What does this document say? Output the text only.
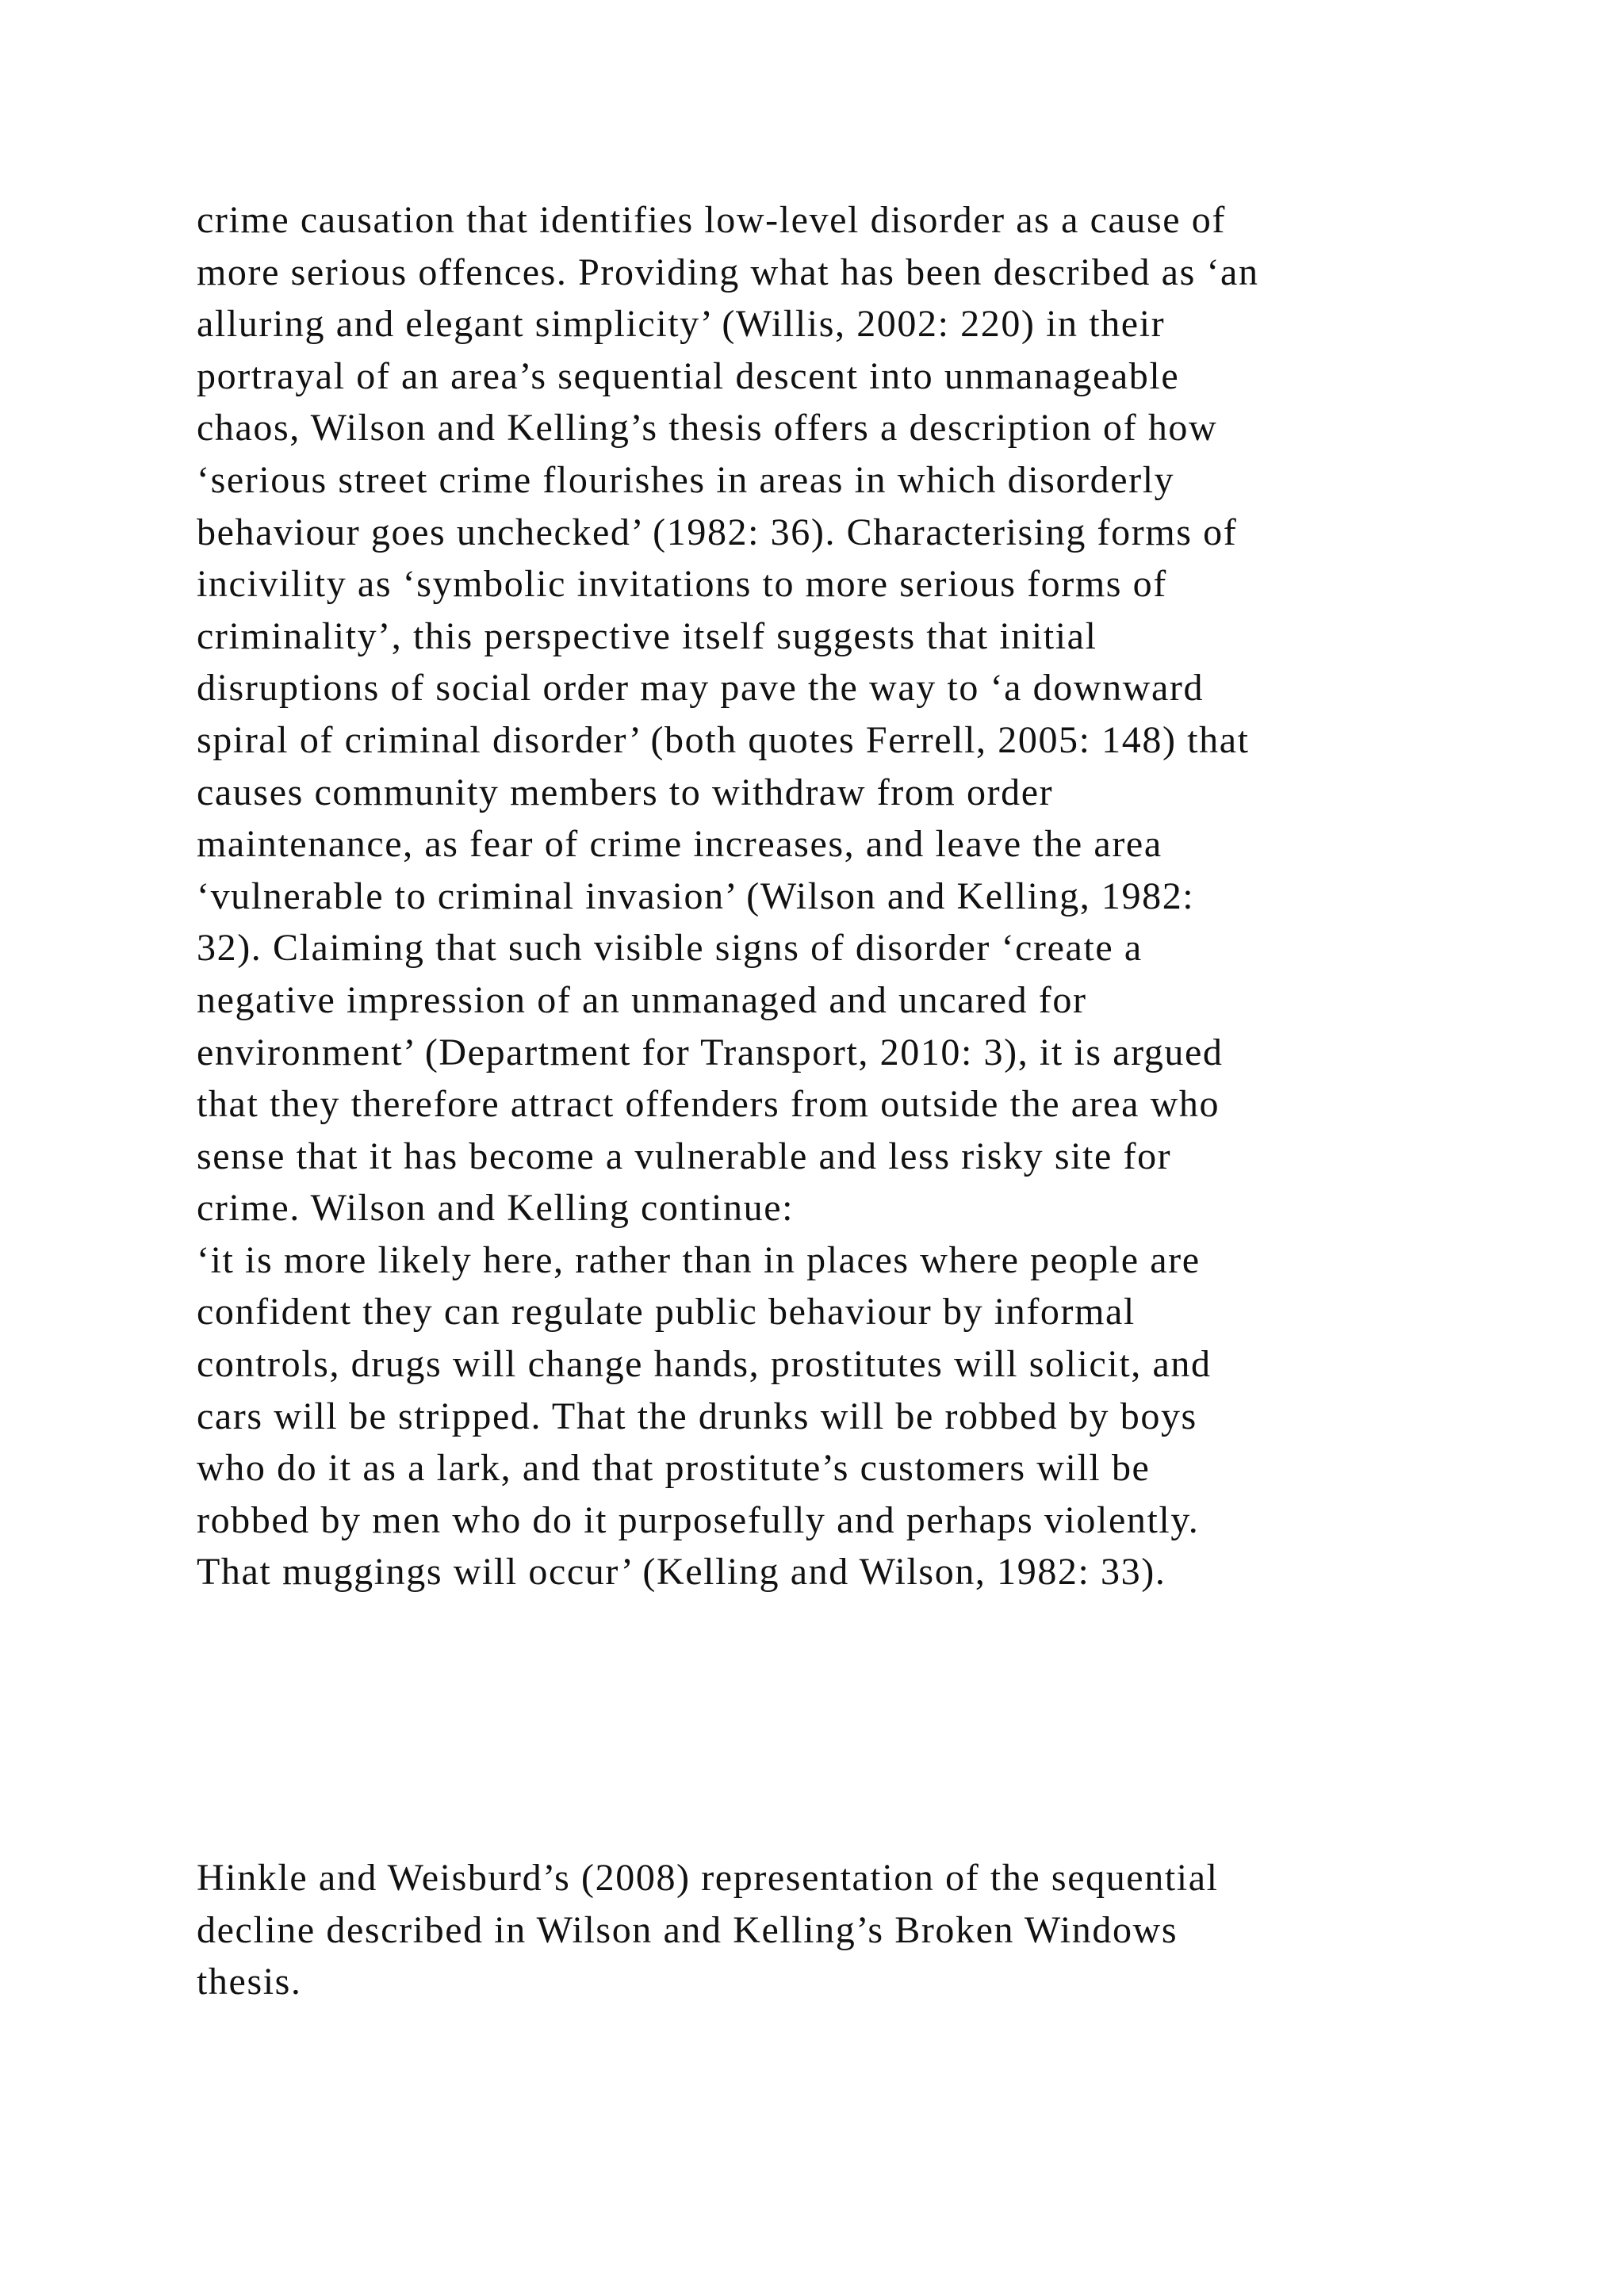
crime causation that identifies low-level disorder as a cause of
more serious offences. Providing what has been described as ‘an
alluring and elegant simplicity’ (Willis, 2002: 220) in their
portrayal of an area’s sequential descent into unmanageable
chaos, Wilson and Kelling’s thesis offers a description of how
‘serious street crime flourishes in areas in which disorderly
behaviour goes unchecked’ (1982: 36). Characterising forms of
incivility as ‘symbolic invitations to more serious forms of
criminality’, this perspective itself suggests that initial
disruptions of social order may pave the way to ‘a downward
spiral of criminal disorder’ (both quotes Ferrell, 2005: 148) that
causes community members to withdraw from order
maintenance, as fear of crime increases, and leave the area
‘vulnerable to criminal invasion’ (Wilson and Kelling, 1982:
32). Claiming that such visible signs of disorder ‘create a
negative impression of an unmanaged and uncared for
environment’ (Department for Transport, 2010: 3), it is argued
that they therefore attract offenders from outside the area who
sense that it has become a vulnerable and less risky site for
crime. Wilson and Kelling continue:
‘it is more likely here, rather than in places where people are
confident they can regulate public behaviour by informal
controls, drugs will change hands, prostitutes will solicit, and
cars will be stripped. That the drunks will be robbed by boys
who do it as a lark, and that prostitute’s customers will be
robbed by men who do it purposefully and perhaps violently.
That muggings will occur’ (Kelling and Wilson, 1982: 33).
Hinkle and Weisburd’s (2008) representation of the sequential
decline described in Wilson and Kelling’s Broken Windows
thesis.
